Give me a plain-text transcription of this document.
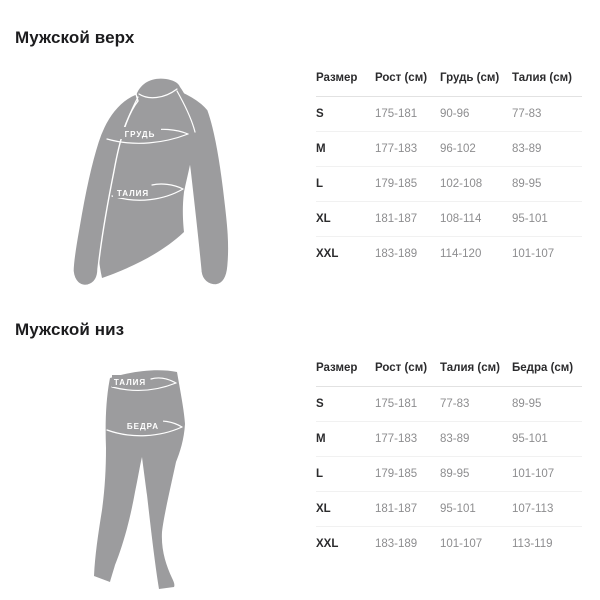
Мужской верх
ГРУДЬ
ТАЛИЯ
Размер	Рост (см)	Грудь (см)	Талия (см)
S	175-181	90-96	77-83
M	177-183	96-102	83-89
L	179-185	102-108	89-95
XL	181-187	108-114	95-101
XXL	183-189	114-120	101-107
Мужской низ
ТАЛИЯ
БЕДРА
Размер	Рост (см)	Талия (см)	Бедра (см)
S	175-181	77-83	89-95
M	177-183	83-89	95-101
L	179-185	89-95	101-107
XL	181-187	95-101	107-113
XXL	183-189	101-107	113-119
